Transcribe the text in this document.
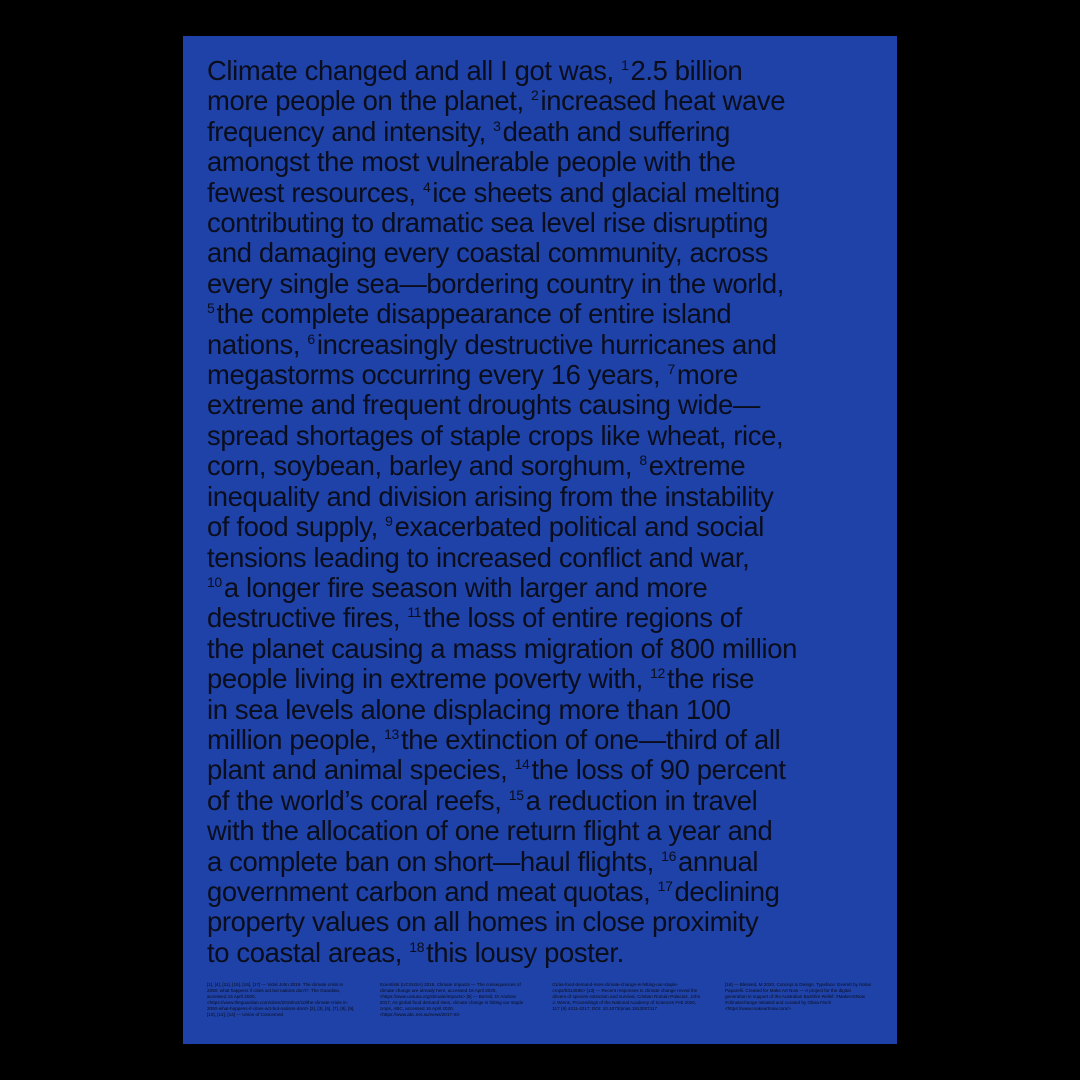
Climate changed and all I got was, $^1$2.5 billion
more people on the planet, $^2$increased heat wave
frequency and intensity, $^3$death and suffering
amongst the most vulnerable people with the
fewest resources, $^4$ice sheets and glacial melting
contributing to dramatic sea level rise disrupting
and damaging every coastal community, across
every single sea—bordering country in the world,
$^5$the complete disappearance of entire island
nations, $^6$increasingly destructive hurricanes and
megastorms occurring every 16 years, $^7$more
extreme and frequent droughts causing wide—
spread shortages of staple crops like wheat, rice,
corn, soybean, barley and sorghum, $^8$extreme
inequality and division arising from the instability
of food supply, $^9$exacerbated political and social
tensions leading to increased conflict and war,
$^{10}$a longer fire season with larger and more
destructive fires, $^{11}$the loss of entire regions of
the planet causing a mass migration of 800 million
people living in extreme poverty with, $^{12}$the rise
in sea levels alone displacing more than 100
million people, $^{13}$the extinction of one—third of all
plant and animal species, $^{14}$the loss of 90 percent
of the world’s coral reefs, $^{15}$a reduction in travel
with the allocation of one return flight a year and
a complete ban on short—haul flights, $^{16}$annual
government carbon and meat quotas, $^{17}$declining
property values on all homes in close proximity
to coastal areas, $^{18}$this lousy poster.

[1], [4], [11], [15], [16], [17] — Vidal John 2019. The climate crisis in 2050: what happens if cities act but nations don't?. The Guardian, accessed 15 April 2020, <https://www.theguardian.com/cities/2019/oct/10/the-climate-crisis-in-2050-what-happens-if-cities-act-but-nations-dont> [2], [3], [6], [7], [8], [9], [10], [12], [14] — Union of Concerned
Scientists (UCSUSA) 2016, Climate Impacts — The consequences of climate change are already here, accessed 16 April 2020, <https://www.ucsusa.org/climate/impacts> [5] — Borrell, Dr Andrew 2017, As global food demand rises, climate change is hitting our staple crops, ABC, accessed 16 April 2020, <https://www.abc.net.au/news/2017-03-
01/as-food-demand-rises-climate-change-is-hitting-our-staple-crops/8314586> [13] — Recent responses to climate change reveal the drivers of species extinction and survival, Cristian Román-Palacios, John J. Wiens, Proceedings of the National Academy of Sciences Feb 2020, 117 (8) 4211-4217; DOI: 10.1073/pnas.1913007117
[18] — Blessed, M 2020, Concept & Design. Typeface: Everett by Nolan Paparelli. Created for Make Art Now — A project for the digital generation in support of the Australian Bushfire Relief. #MakeArtNow #climatechange Initiated and curated by Olivia Fisch <https://www.makeartnow.com/>
